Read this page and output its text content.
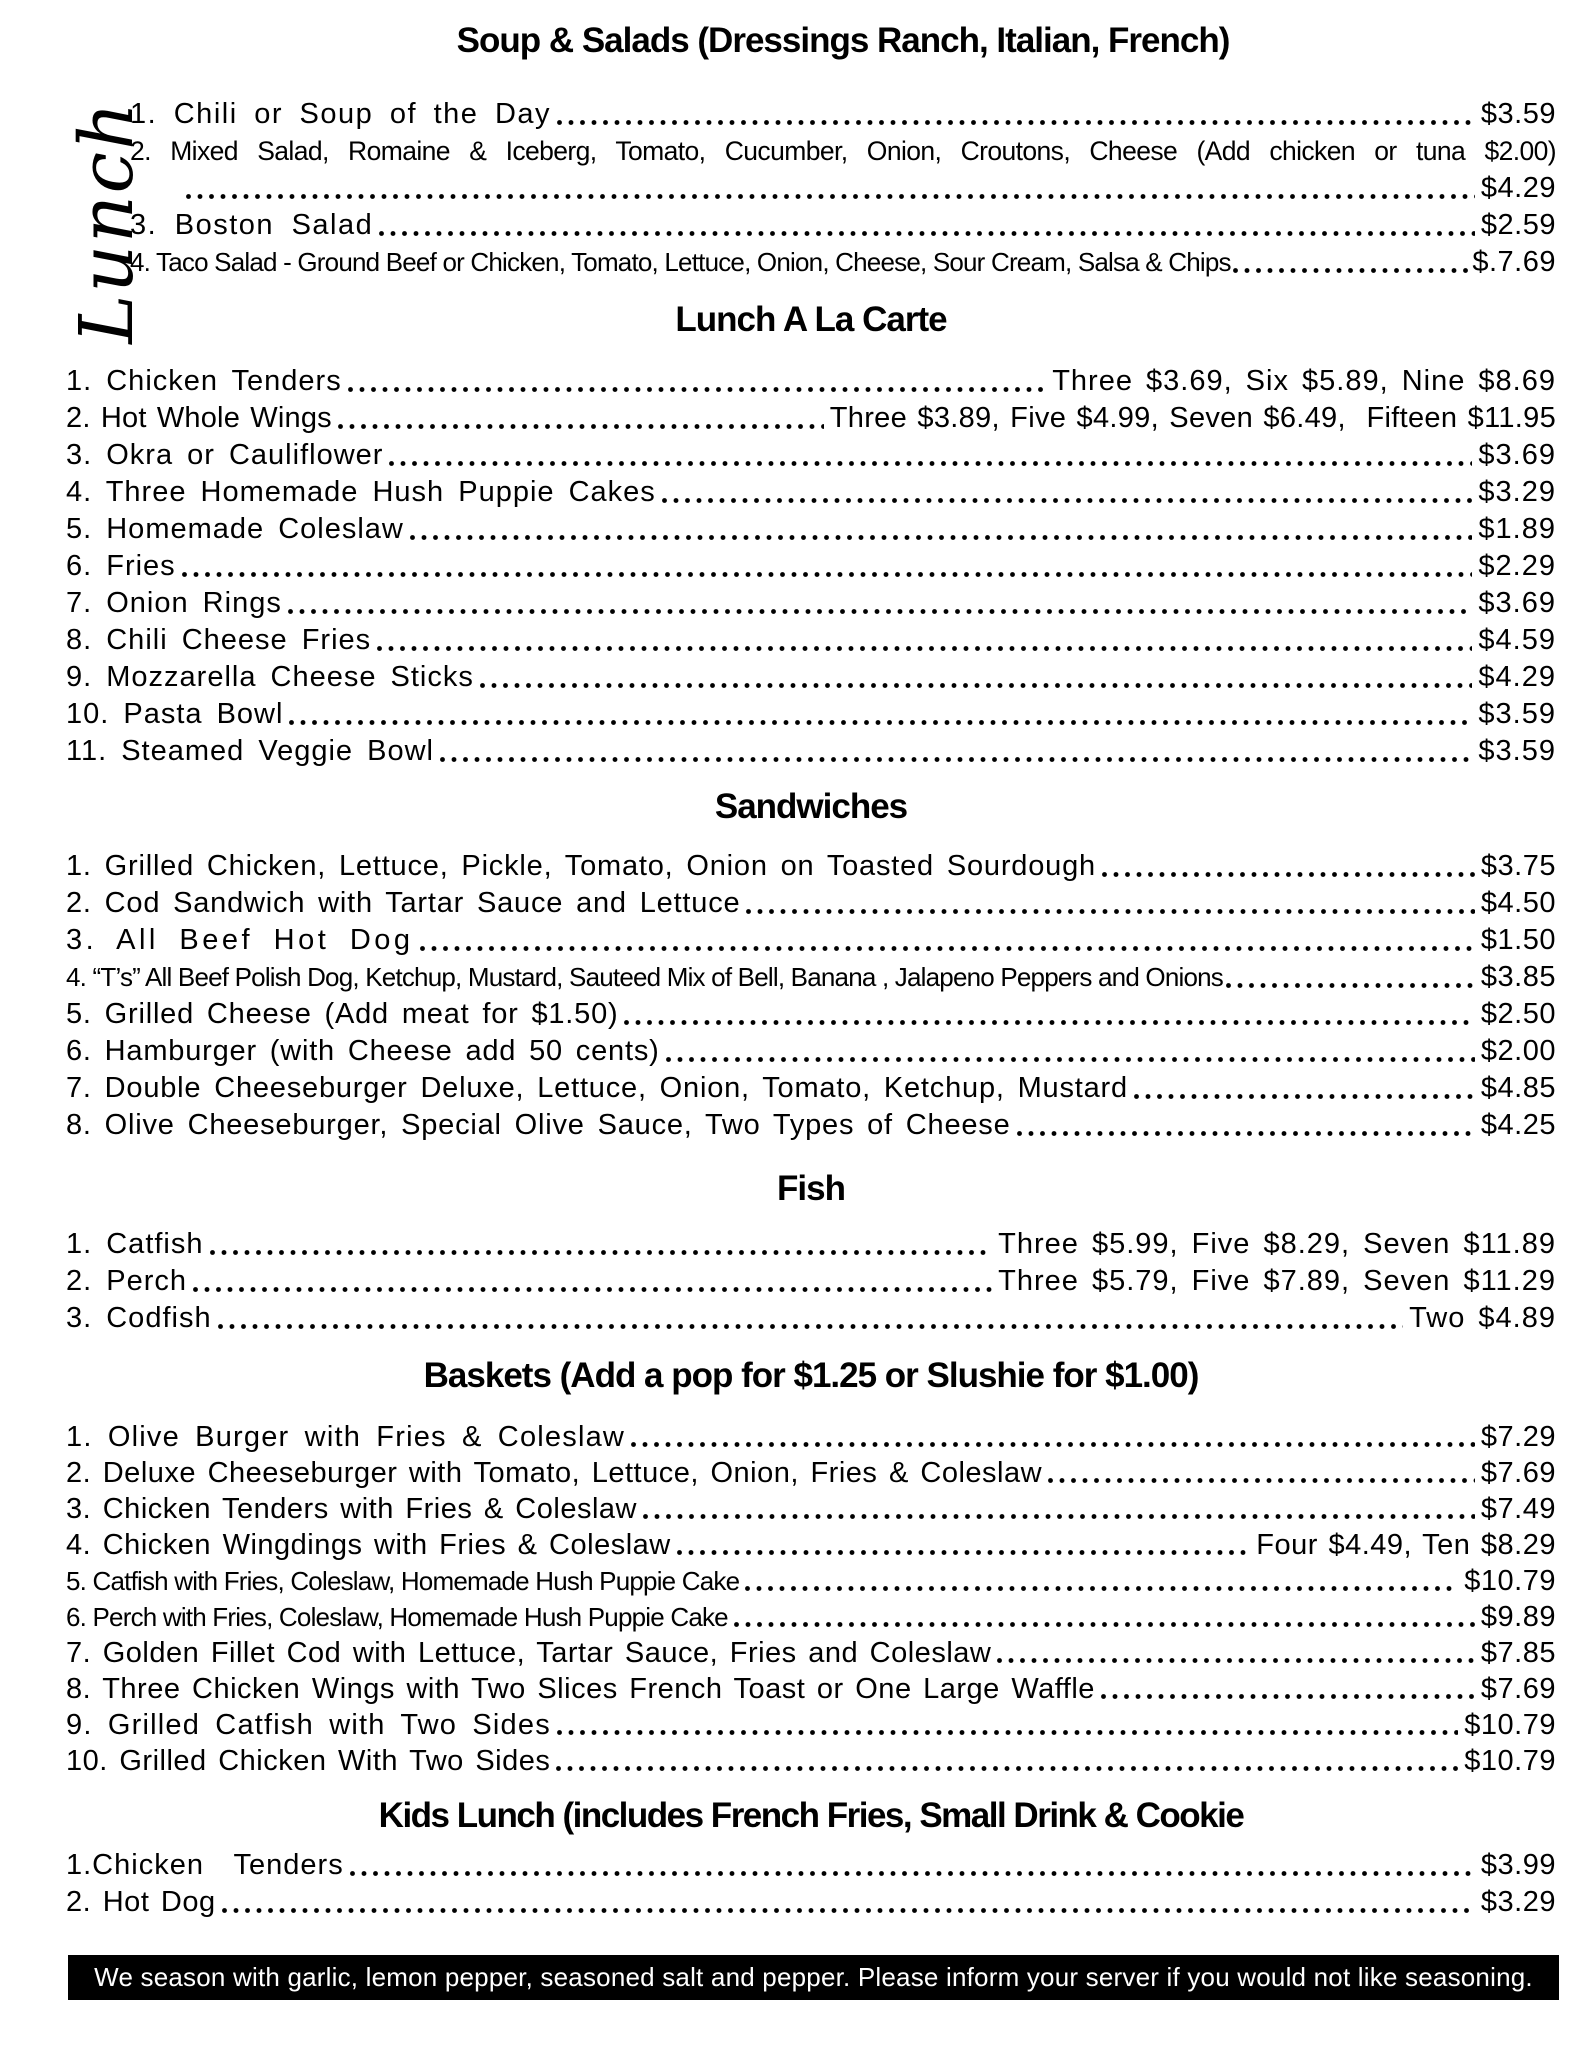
Lunch
Soup & Salads (Dressings Ranch, Italian, French)
1. Chili or Soup of the Day	$3.59
2. Mixed Salad, Romaine & Iceberg, Tomato, Cucumber, Onion, Croutons, Cheese (Add chicken or tuna $2.00)
$4.29
3. Boston Salad	$2.59
4. Taco Salad - Ground Beef or Chicken, Tomato, Lettuce, Onion, Cheese, Sour Cream, Salsa & Chips	$.7.69
Lunch A La Carte
1. Chicken Tenders	Three $3.69, Six $5.89, Nine $8.69
2. Hot Whole Wings	Three $3.89, Five $4.99, Seven $6.49,  Fifteen $11.95
3. Okra or Cauliflower	$3.69
4. Three Homemade Hush Puppie Cakes	$3.29
5. Homemade Coleslaw	$1.89
6. Fries	$2.29
7. Onion Rings	$3.69
8. Chili Cheese Fries	$4.59
9. Mozzarella Cheese Sticks	$4.29
10. Pasta Bowl	$3.59
11. Steamed Veggie Bowl	$3.59
Sandwiches
1. Grilled Chicken, Lettuce, Pickle, Tomato, Onion on Toasted Sourdough	$3.75
2. Cod Sandwich with Tartar Sauce and Lettuce	$4.50
3. All Beef Hot Dog	$1.50
4. “T’s” All Beef Polish Dog, Ketchup, Mustard, Sauteed Mix of Bell, Banana , Jalapeno Peppers and Onions	$3.85
5. Grilled Cheese (Add meat for $1.50)	$2.50
6. Hamburger (with Cheese add 50 cents)	$2.00
7. Double Cheeseburger Deluxe, Lettuce, Onion, Tomato, Ketchup, Mustard	$4.85
8. Olive Cheeseburger, Special Olive Sauce, Two Types of Cheese	$4.25
Fish
1. Catfish	Three $5.99, Five $8.29, Seven $11.89
2. Perch	Three $5.79, Five $7.89, Seven $11.29
3. Codfish	Two $4.89
Baskets (Add a pop for $1.25 or Slushie for $1.00)
1. Olive Burger with Fries & Coleslaw	$7.29
2. Deluxe Cheeseburger with Tomato, Lettuce, Onion, Fries & Coleslaw	$7.69
3. Chicken Tenders with Fries & Coleslaw	$7.49
4. Chicken Wingdings with Fries & Coleslaw	Four $4.49, Ten $8.29
5. Catfish with Fries, Coleslaw, Homemade Hush Puppie Cake	$10.79
6. Perch with Fries, Coleslaw, Homemade Hush Puppie Cake	$9.89
7. Golden Fillet Cod with Lettuce, Tartar Sauce, Fries and Coleslaw	$7.85
8. Three Chicken Wings with Two Slices French Toast or One Large Waffle	$7.69
9. Grilled Catfish with Two Sides	$10.79
10. Grilled Chicken With Two Sides	$10.79
Kids Lunch (includes French Fries, Small Drink & Cookie
1.Chicken  Tenders	$3.99
2. Hot Dog	$3.29
We season with garlic, lemon pepper, seasoned salt and pepper. Please inform your server if you would not like seasoning.
